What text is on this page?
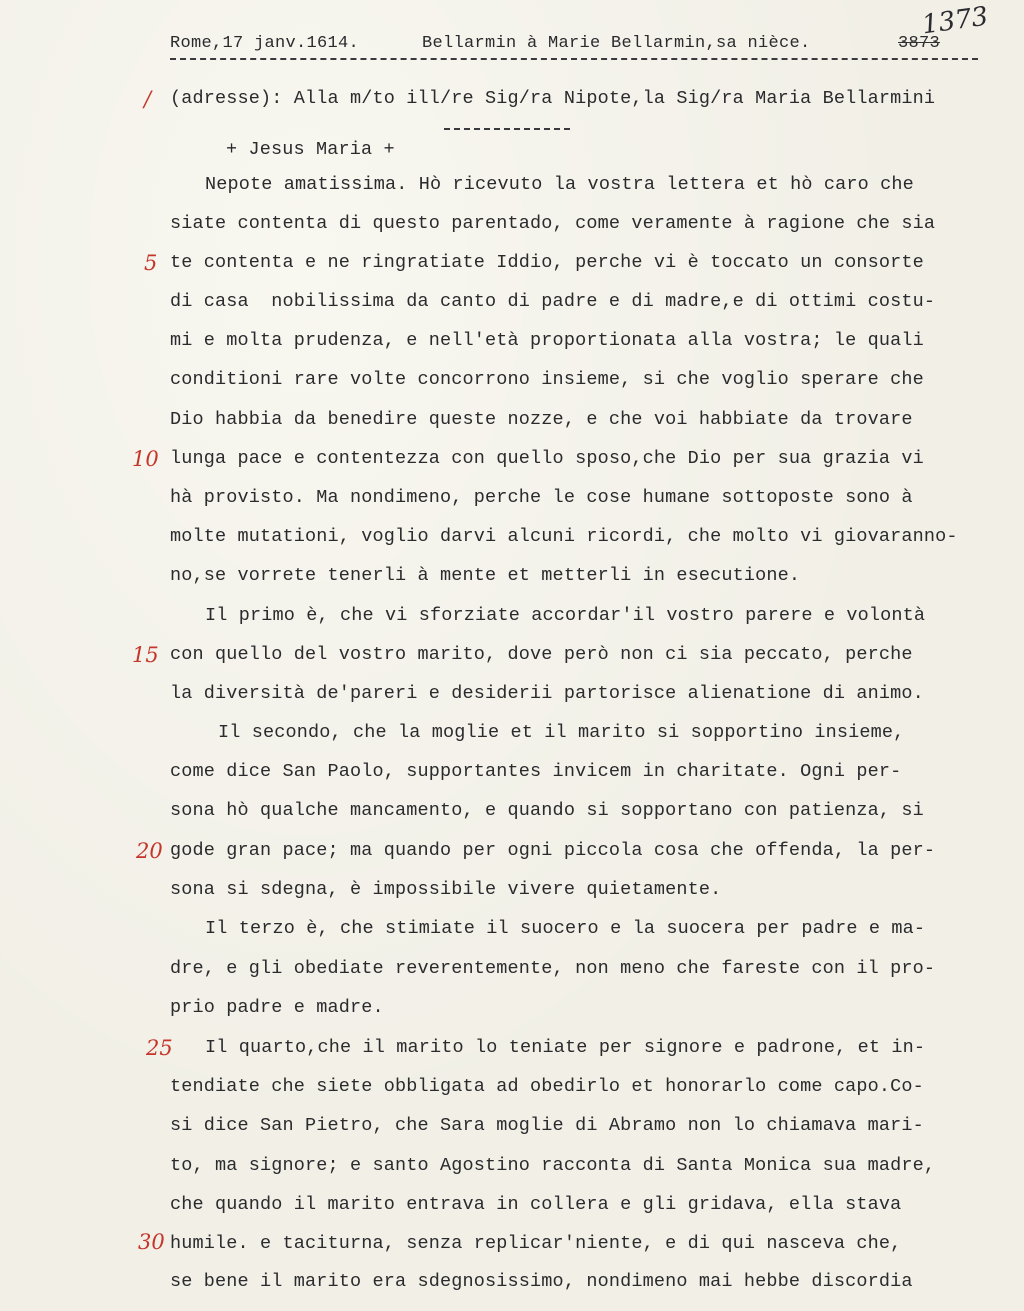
Rome,17 janv.1614.

	Bellarmin à Marie Bellarmin,sa nièce.

	3873

1373
/ (adresse): Alla m/to ill/re Sig/ra Nipote,la Sig/ra Maria Bellarmini
+ Jesus Maria +
Nepote amatissima. Hò ricevuto la vostra lettera et hò caro che
siate contenta di questo parentado, come veramente à ragione che sia
te contenta e ne ringratiate Iddio, perche vi è toccato un consorte
di casa  nobilissima da canto di padre e di madre,e di ottimi costu-
mi e molta prudenza, e nell'età proportionata alla vostra; le quali
conditioni rare volte concorrono insieme, si che voglio sperare che
Dio habbia da benedire queste nozze, e che voi habbiate da trovare
lunga pace e contentezza con quello sposo,che Dio per sua grazia vi
hà provisto. Ma nondimeno, perche le cose humane sottoposte sono à
molte mutationi, voglio darvi alcuni ricordi, che molto vi giovaranno-
no,se vorrete tenerli à mente et metterli in esecutione.
Il primo è, che vi sforziate accordar'il vostro parere e volontà
con quello del vostro marito, dove però non ci sia peccato, perche
la diversità de'pareri e desiderii partorisce alienatione di animo.
Il secondo, che la moglie et il marito si sopportino insieme,
come dice San Paolo, supportantes invicem in charitate. Ogni per-
sona hò qualche mancamento, e quando si sopportano con patienza, si
gode gran pace; ma quando per ogni piccola cosa che offenda, la per-
sona si sdegna, è impossibile vivere quietamente.
Il terzo è, che stimiate il suocero e la suocera per padre e ma-
dre, e gli obediate reverentemente, non meno che fareste con il pro-
prio padre e madre.
Il quarto,che il marito lo teniate per signore e padrone, et in-
tendiate che siete obbligata ad obedirlo et honorarlo come capo.Co-
si dice San Pietro, che Sara moglie di Abramo non lo chiamava mari-
to, ma signore; e santo Agostino racconta di Santa Monica sua madre,
che quando il marito entrava in collera e gli gridava, ella stava
humile. e taciturna, senza replicar'niente, e di qui nasceva che,
se bene il marito era sdegnosissimo, nondimeno mai hebbe discordia
5
10
15
20
25
30
